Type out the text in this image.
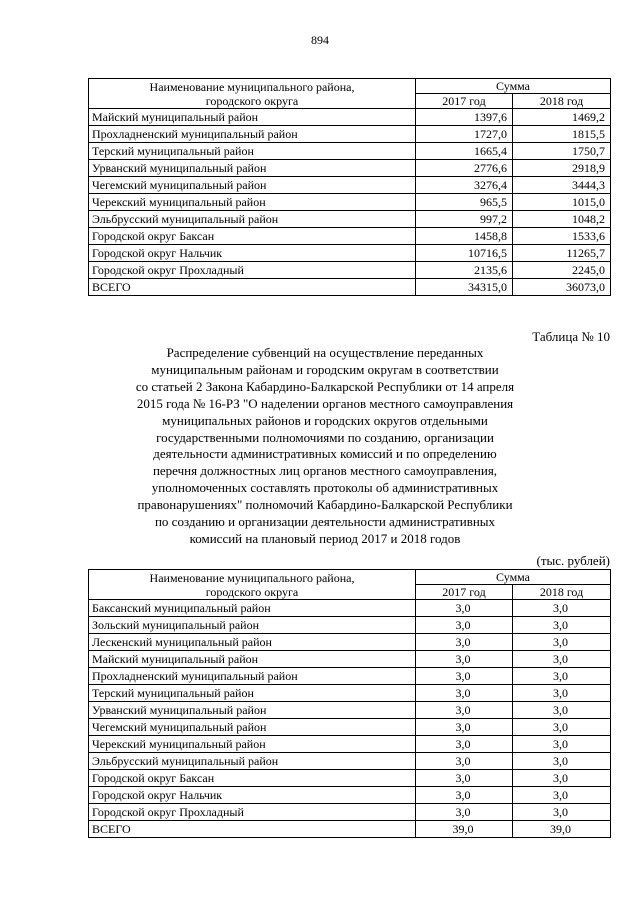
894
Наименование муниципального района,
городского округа	Сумма	
	2017 год	2018 год
Майский муниципальный район	1397,6	1469,2
Прохладненский муниципальный район	1727,0	1815,5
Терский муниципальный район	1665,4	1750,7
Урванский муниципальный район	2776,6	2918,9
Чегемский муниципальный район	3276,4	3444,3
Черекский муниципальный район	965,5	1015,0
Эльбрусский муниципальный район	997,2	1048,2
Городской округ Баксан	1458,8	1533,6
Городской округ Нальчик	10716,5	11265,7
Городской округ Прохладный	2135,6	2245,0
ВСЕГО	34315,0	36073,0
Таблица № 10
Распределение субвенций на осуществление переданных
муниципальным районам и городским округам в соответствии
со статьей 2 Закона Кабардино-Балкарской Республики от 14 апреля
2015 года № 16-РЗ "О наделении органов местного самоуправления
муниципальных районов и городских округов отдельными
государственными полномочиями по созданию, организации
деятельности административных комиссий и по определению
перечня должностных лиц органов местного самоуправления,
уполномоченных составлять протоколы об административных
правонарушениях" полномочий Кабардино-Балкарской Республики
по созданию и организации деятельности административных
комиссий на плановый период 2017 и 2018 годов
(тыс. рублей)
Наименование муниципального района,
городского округа	Сумма	
	2017 год	2018 год
Баксанский муниципальный район	3,0	3,0
Зольский муниципальный район	3,0	3,0
Лескенский муниципальный район	3,0	3,0
Майский муниципальный район	3,0	3,0
Прохладненский муниципальный район	3,0	3,0
Терский муниципальный район	3,0	3,0
Урванский муниципальный район	3,0	3,0
Чегемский муниципальный район	3,0	3,0
Черекский муниципальный район	3,0	3,0
Эльбрусский муниципальный район	3,0	3,0
Городской округ Баксан	3,0	3,0
Городской округ Нальчик	3,0	3,0
Городской округ Прохладный	3,0	3,0
ВСЕГО	39,0	39,0
